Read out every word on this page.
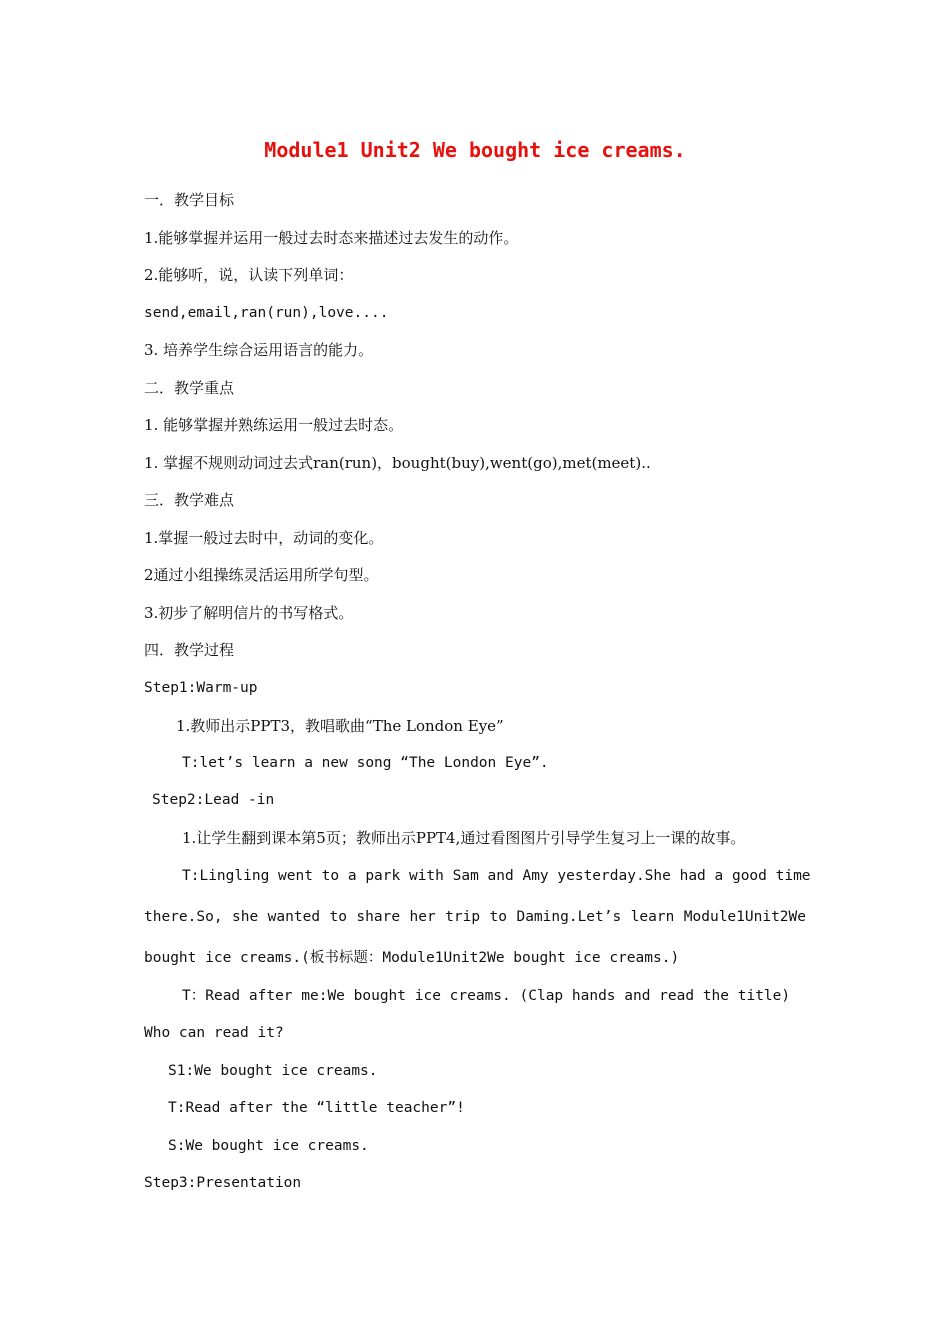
Module1 Unit2 We bought ice creams.
一．教学目标
1.能够掌握并运用一般过去时态来描述过去发生的动作。
2.能够听，说，认读下列单词：
send,email,ran(run),love....
3. 培养学生综合运用语言的能力。
二．教学重点
1. 能够掌握并熟练运用一般过去时态。
1. 掌握不规则动词过去式ran(run)，bought(buy),went(go),met(meet)..
三．教学难点
1.掌握一般过去时中，动词的变化。
2通过小组操练灵活运用所学句型。
3.初步了解明信片的书写格式。
四．教学过程
Step1:Warm-up
1.教师出示PPT3，教唱歌曲“The London Eye”
T:let’s learn a new song “The London Eye”.
Step2:Lead -in
1.让学生翻到课本第5页；教师出示PPT4,通过看图图片引导学生复习上一课的故事。
T:Lingling went to a park with Sam and Amy yesterday.She had a good time
there.So, she wanted to share her trip to Daming.Let’s learn Module1Unit2We
bought ice creams.(板书标题：Module1Unit2We bought ice creams.)
T：Read after me:We bought ice creams. (Clap hands and read the title)
Who can read it?
S1:We bought ice creams.
T:Read after the “little teacher”!
S:We bought ice creams.
Step3:Presentation
